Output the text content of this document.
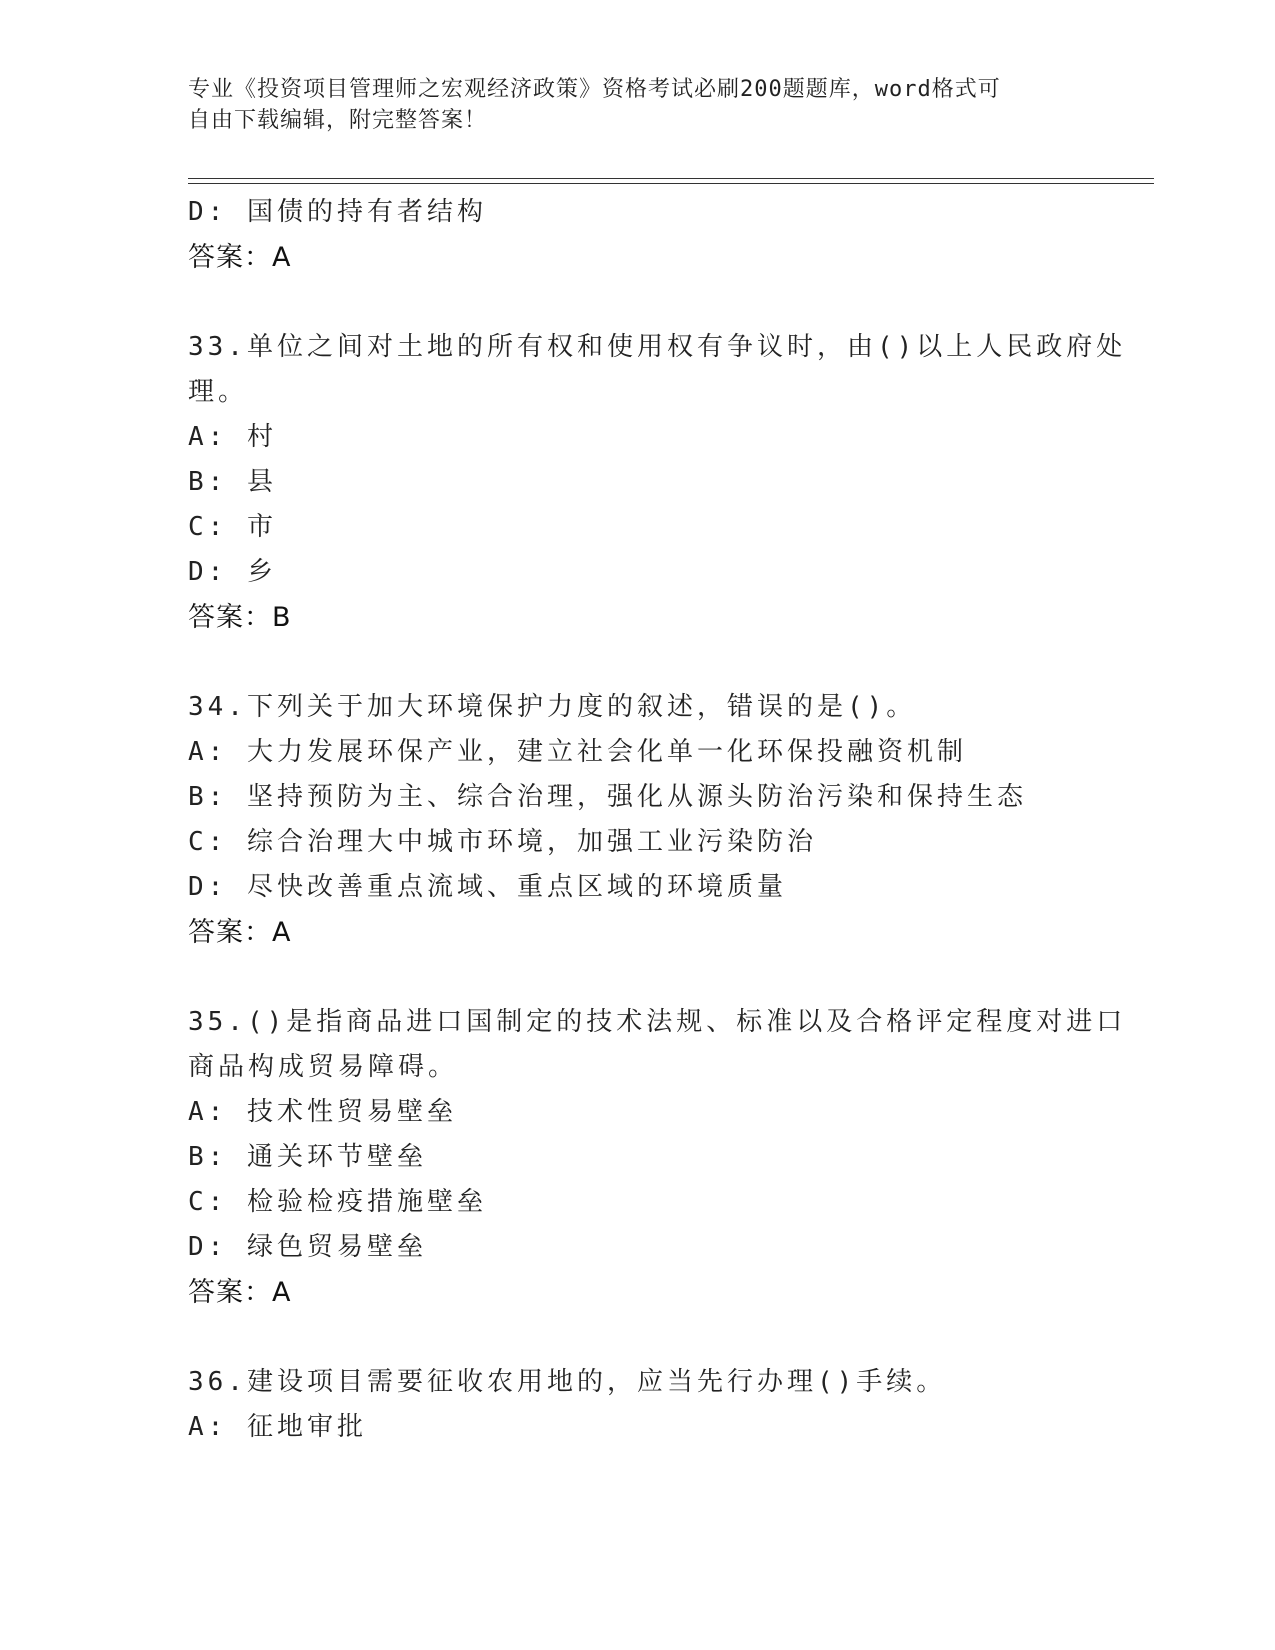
专业《投资项目管理师之宏观经济政策》资格考试必刷200题题库，word格式可
自由下载编辑，附完整答案！
D: 国债的持有者结构
答案：A
33.单位之间对土地的所有权和使用权有争议时，由()以上人民政府处
理。
A: 村
B: 县
C: 市
D: 乡
答案：B
34.下列关于加大环境保护力度的叙述，错误的是()。
A: 大力发展环保产业，建立社会化单一化环保投融资机制
B: 坚持预防为主、综合治理，强化从源头防治污染和保持生态
C: 综合治理大中城市环境，加强工业污染防治
D: 尽快改善重点流域、重点区域的环境质量
答案：A
35.()是指商品进口国制定的技术法规、标准以及合格评定程度对进口
商品构成贸易障碍。
A: 技术性贸易壁垒
B: 通关环节壁垒
C: 检验检疫措施壁垒
D: 绿色贸易壁垒
答案：A
36.建设项目需要征收农用地的，应当先行办理()手续。
A: 征地审批
